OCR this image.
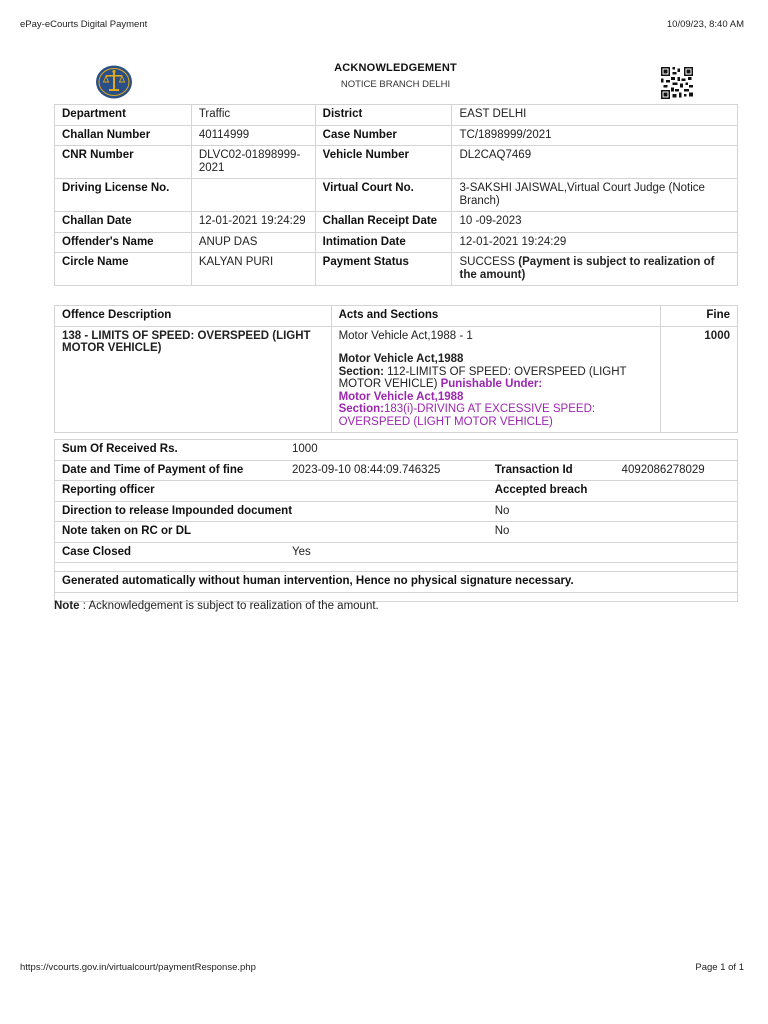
ePay-eCourts Digital Payment	10/09/23, 8:40 AM
ACKNOWLEDGEMENT
NOTICE BRANCH DELHI
Department	Traffic	District	EAST DELHI
Challan Number	40114999	Case Number	TC/1898999/2021
CNR Number	DLVC02-01898999-2021	Vehicle Number	DL2CAQ7469
Driving License No.		Virtual Court No.	3-SAKSHI JAISWAL,Virtual Court Judge (Notice Branch)
Challan Date	12-01-2021 19:24:29	Challan Receipt Date	10 -09-2023
Offender's Name	ANUP DAS	Intimation Date	12-01-2021 19:24:29
Circle Name	KALYAN PURI	Payment Status	SUCCESS (Payment is subject to realization of the amount)
Offence Description	Acts and Sections	Fine
138 - LIMITS OF SPEED: OVERSPEED (LIGHT MOTOR VEHICLE)	Motor Vehicle Act,1988 - 1
Motor Vehicle Act,1988
Section: 112-LIMITS OF SPEED: OVERSPEED (LIGHT MOTOR VEHICLE) Punishable Under:
Motor Vehicle Act,1988
Section:183(i)-DRIVING AT EXCESSIVE SPEED: OVERSPEED (LIGHT MOTOR VEHICLE)	1000
Sum Of Received Rs.	1000		
Date and Time of Payment of fine	2023-09-10 08:44:09.746325	Transaction Id	4092086278029
Reporting officer		Accepted breach	
Direction to release Impounded document		No	
Note taken on RC or DL		No	
Case Closed	Yes		

Generated automatically without human intervention, Hence no physical signature necessary.			

Note : Acknowledgement is subject to realization of the amount.
https://vcourts.gov.in/virtualcourt/paymentResponse.php	Page 1 of 1
